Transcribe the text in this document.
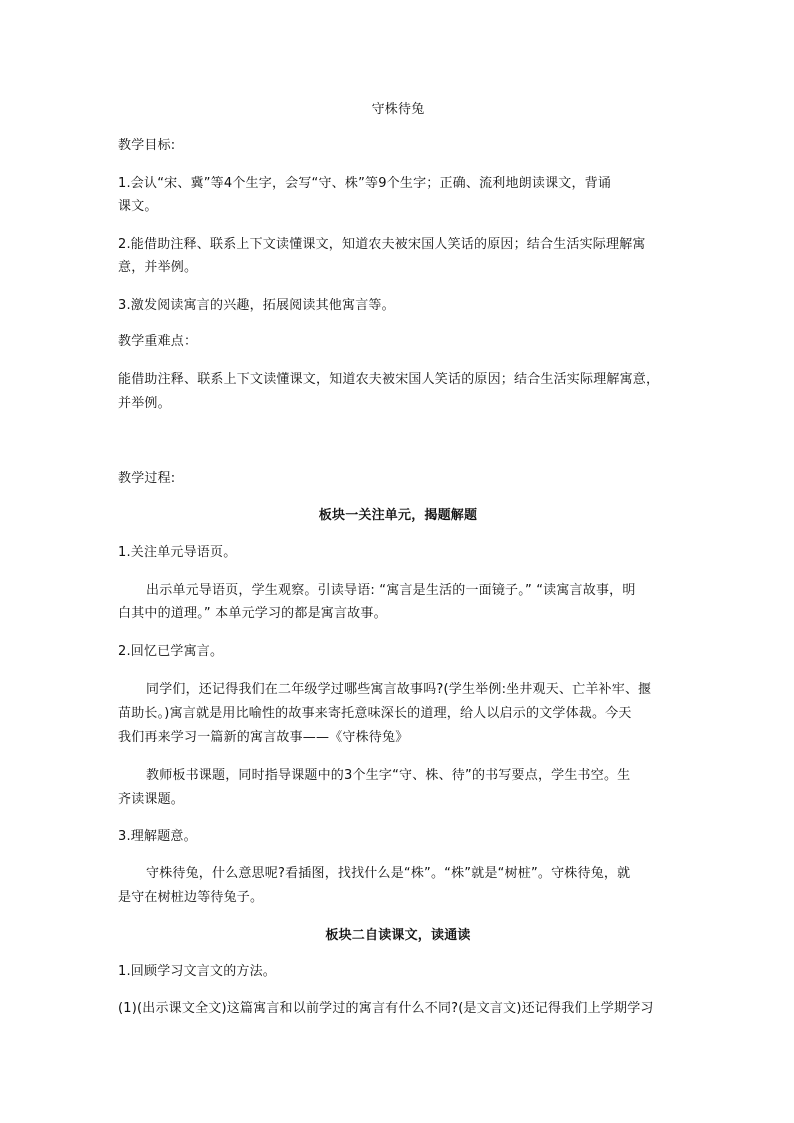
守株待兔
教学目标:
1.会认“宋、冀”等4个生字，会写“守、株”等9个生字；正确、流利地朗读课文，背诵
课文。
2.能借助注释、联系上下文读懂课文，知道农夫被宋国人笑话的原因；结合生活实际理解寓
意，并举例。
3.激发阅读寓言的兴趣，拓展阅读其他寓言等。
教学重难点：
能借助注释、联系上下文读懂课文，知道农夫被宋国人笑话的原因；结合生活实际理解寓意，
并举例。
教学过程:
板块一关注单元，揭题解题
1.关注单元导语页。
出示单元导语页，学生观察。引读导语: “寓言是生活的一面镜子。” “读寓言故事，明
白其中的道理。” 本单元学习的都是寓言故事。
2.回忆已学寓言。
同学们，还记得我们在二年级学过哪些寓言故事吗?(学生举例:坐井观天、亡羊补牢、揠
苗助长。)寓言就是用比喻性的故事来寄托意味深长的道理，给人以启示的文学体裁。今天
我们再来学习一篇新的寓言故事——《守株待兔》
教师板书课题，同时指导课题中的3个生字“守、株、待”的书写要点，学生书空。生
齐读课题。
3.理解题意。
守株待兔，什么意思呢?看插图，找找什么是“株”。“株”就是“树桩”。守株待兔，就
是守在树桩边等待兔子。
板块二自读课文，读通读
1.回顾学习文言文的方法。
(1)(出示课文全文)这篇寓言和以前学过的寓言有什么不同?(是文言文)还记得我们上学期学习
